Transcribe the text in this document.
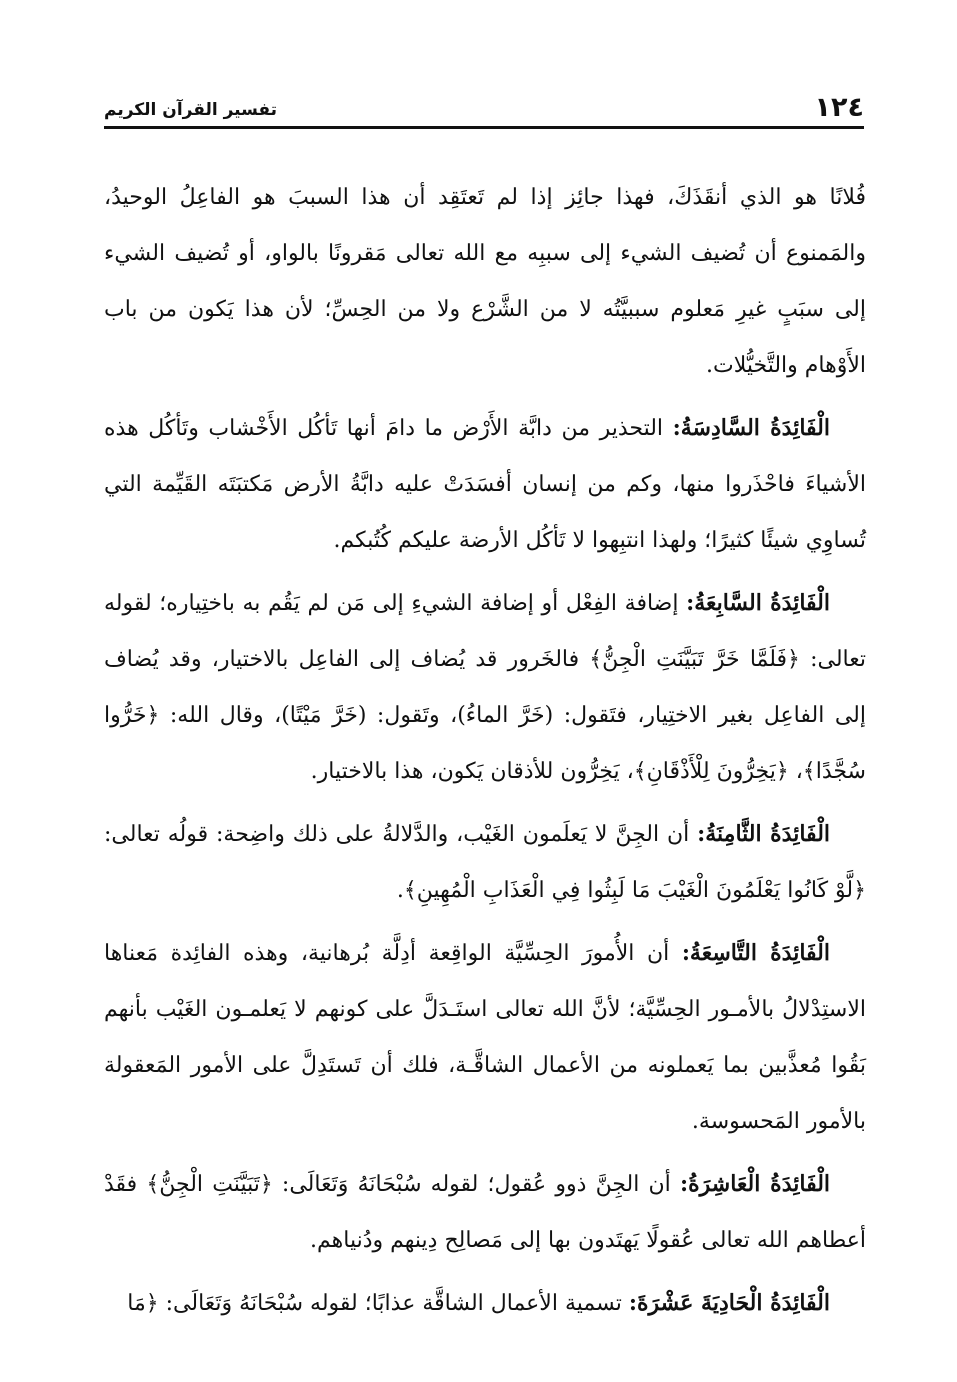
١٢٤
تفسير القرآن الكريم

فُلانًا هو الذي أنقَذَكَ، فهذا جائِز إذا لم تَعتَقِد أن هذا السببَ هو الفاعِلُ الوحيدُ، والمَمنوع أن تُضيف الشيء إلى سببِه مع الله تعالى مَقرونًا بالواو، أو تُضيف الشيء إلى سبَبٍ غيرِ مَعلوم سببيَّتُه لا من الشَّرْع ولا من الحِسِّ؛ لأن هذا يَكون من باب الأَوْهام والتَّخيُّلات.

الْفَائِدَةُ السَّادِسَةُ: التحذير من دابَّة الأَرْض ما دامَ أنها تَأكُل الأَخْشاب وتَأكُل هذه الأشياءَ فاحْذَروا منها، وكم من إنسان أفسَدَتْ عليه دابَّةُ الأرض مَكتبَتَه القَيِّمة التي تُساوِي شيئًا كثيرًا؛ ولهذا انتبِهوا لا تَأكُل الأرضة عليكم كُتُبكم.

الْفَائِدَةُ السَّابِعَةُ: إضافة الفِعْل أو إضافة الشيءِ إلى مَن لم يَقُم به باختِياره؛ لقوله تعالى: ﴿فَلَمَّا خَرَّ تَبَيَّنَتِ الْجِنُّ﴾ فالخَرور قد يُضاف إلى الفاعِل بالاختيار، وقد يُضاف إلى الفاعِل بغير الاختِيار، فتَقول: (خَرَّ الماءُ)، وتَقول: (خَرَّ مَيْتًا)، وقال الله: ﴿خَرُّوا سُجَّدًا﴾، ﴿يَخِرُّونَ لِلْأَذْقَانِ﴾، يَخِرُّون للأذقان يَكون، هذا بالاختيار.

الْفَائِدَةُ الثَّامِنَةُ: أن الجِنَّ لا يَعلَمون الغَيْب، والدَّلالةُ على ذلك واضِحة: قولُه تعالى: ﴿لَّوْ كَانُوا يَعْلَمُونَ الْغَيْبَ مَا لَبِثُوا فِي الْعَذَابِ الْمُهِينِ﴾.

الْفَائِدَةُ التَّاسِعَةُ: أن الأُمورَ الحِسِّيَّة الواقِعة أدِلَّة بُرهانية، وهذه الفائِدة مَعناها الاستِدْلالُ بالأمـور الحِسِّيَّة؛ لأنَّ الله تعالى استَـدَلَّ على كونهم لا يَعلمـون الغَيْب بأنهم بَقُوا مُعذَّبين بما يَعملونه من الأعمال الشاقَّـة، فلك أن تَستَدِلَّ على الأمور المَعقولة بالأمور المَحسوسة.

الْفَائِدَةُ الْعَاشِرَةُ: أن الجِنَّ ذوو عُقول؛ لقوله سُبْحَانَهُ وَتَعَالَى: ﴿تَبَيَّنَتِ الْجِنُّ﴾ فقَدْ أعطاهم الله تعالى عُقولًا يَهتَدون بها إلى مَصالِح دِينهم ودُنياهم.

الْفَائِدَةُ الْحَادِيَةَ عَشْرَةَ: تسمية الأعمال الشاقَّة عذابًا؛ لقوله سُبْحَانَهُ وَتَعَالَى: ﴿مَا
